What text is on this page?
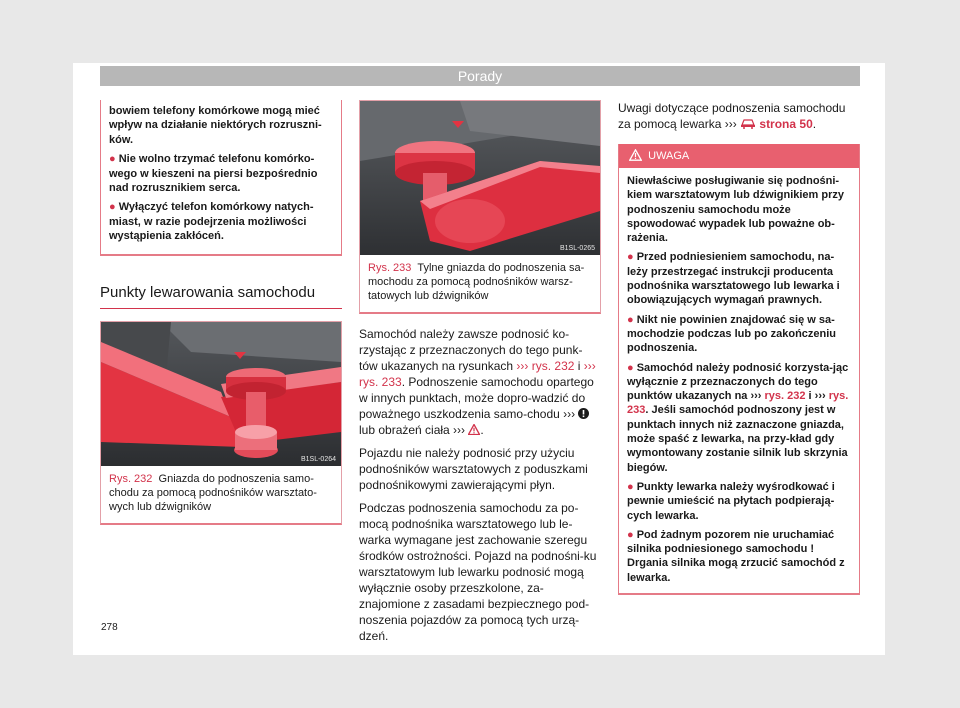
Porady

bowiem telefony komórkowe mogą mieć wpływ na działanie niektórych rozruszni-ków.

● Nie wolno trzymać telefonu komórko-wego w kieszeni na piersi bezpośrednio nad rozrusznikiem serca.

● Wyłączyć telefon komórkowy natych-miast, w razie podejrzenia możliwości wystąpienia zakłóceń.

Punkty lewarowania samochodu
B1SL-0264
Rys. 232 Gniazda do podnoszenia samo-chodu za pomocą podnośników warsztato-wych lub dźwigników
B1SL-0265
Rys. 233 Tylne gniazda do podnoszenia sa-mochodu za pomocą podnośników warsz-tatowych lub dźwigników

Samochód należy zawsze podnosić ko-rzystając z przeznaczonych do tego punk-tów ukazanych na rysunkach ››› rys. 232 i ››› rys. 233. Podnoszenie samochodu opartego w innych punktach, może dopro-wadzić do poważnego uszkodzenia samo-chodu ›››  lub obrażeń ciała ››› .

Pojazdu nie należy podnosić przy użyciu podnośników warsztatowych z poduszkami podnośnikowymi zawierającymi płyn.

Podczas podnoszenia samochodu za po-mocą podnośnika warsztatowego lub le-warka wymagane jest zachowanie szeregu środków ostrożności. Pojazd na podnośni-ku warsztatowym lub lewarku podnosić mogą wyłącznie osoby przeszkolone, za-znajomione z zasadami bezpiecznego pod-noszenia pojazdów za pomocą tych urzą-dzeń.

Uwagi dotyczące podnoszenia samochodu za pomocą lewarka ›››  strona 50.

UWAGA

Niewłaściwe posługiwanie się podnośni-kiem warsztatowym lub dźwignikiem przy podnoszeniu samochodu może spowodować wypadek lub poważne ob-rażenia.

● Przed podniesieniem samochodu, na-leży przestrzegać instrukcji producenta podnośnika warsztatowego lub lewarka i obowiązujących wymagań prawnych.

● Nikt nie powinien znajdować się w sa-mochodzie podczas lub po zakończeniu podnoszenia.

● Samochód należy podnosić korzysta-jąc wyłącznie z przeznaczonych do tego punktów ukazanych na ››› rys. 232 i ››› rys. 233. Jeśli samochód podnoszony jest w punktach innych niż zaznaczone gniazda, może spaść z lewarka, na przy-kład gdy wymontowany zostanie silnik lub skrzynia biegów.

● Punkty lewarka należy wyśrodkować i pewnie umieścić na płytach podpierają-cych lewarka.

● Pod żadnym pozorem nie uruchamiać silnika podniesionego samochodu ! Drgania silnika mogą zrzucić samochód z lewarka.

278
